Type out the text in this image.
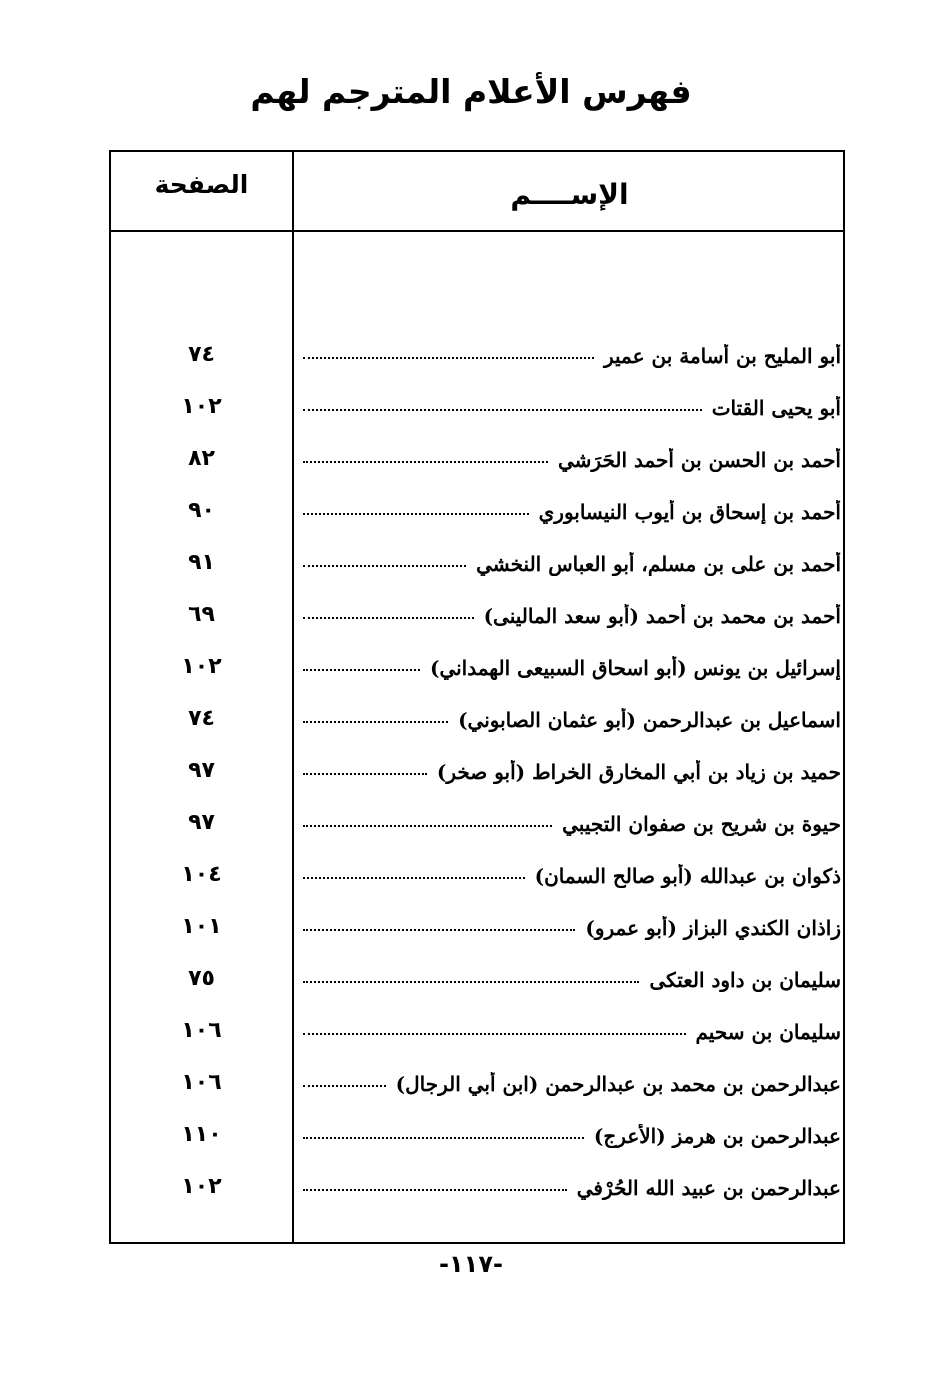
فهرس الأعلام المترجم لهم
الصفحة	الإســــم
أبو المليح بن أسامة بن عمير
٧٤
أبو يحيى القتات
١٠٢
أحمد بن الحسن بن أحمد الحَرَشي
٨٢
أحمد بن إسحاق بن أيوب النيسابوري
٩٠
أحمد بن على بن مسلم، أبو العباس النخشي
٩١
أحمد بن محمد بن أحمد (أبو سعد المالينى)
٦٩
إسرائيل بن يونس (أبو اسحاق السبيعى الهمداني)
١٠٢
اسماعيل بن عبدالرحمن (أبو عثمان الصابوني)
٧٤
حميد بن زياد بن أبي المخارق الخراط (أبو صخر)
٩٧
حيوة بن شريح بن صفوان التجيبي
٩٧
ذكوان بن عبدالله (أبو صالح السمان)
١٠٤
زاذان الكندي البزاز (أبو عمرو)
١٠١
سليمان بن داود العتكى
٧٥
سليمان بن سحيم
١٠٦
عبدالرحمن بن محمد بن عبدالرحمن (ابن أبي الرجال)
١٠٦
عبدالرحمن بن هرمز (الأعرج)
١١٠
عبدالرحمن بن عبيد الله الحُرْفي
١٠٢
-١١٧-
